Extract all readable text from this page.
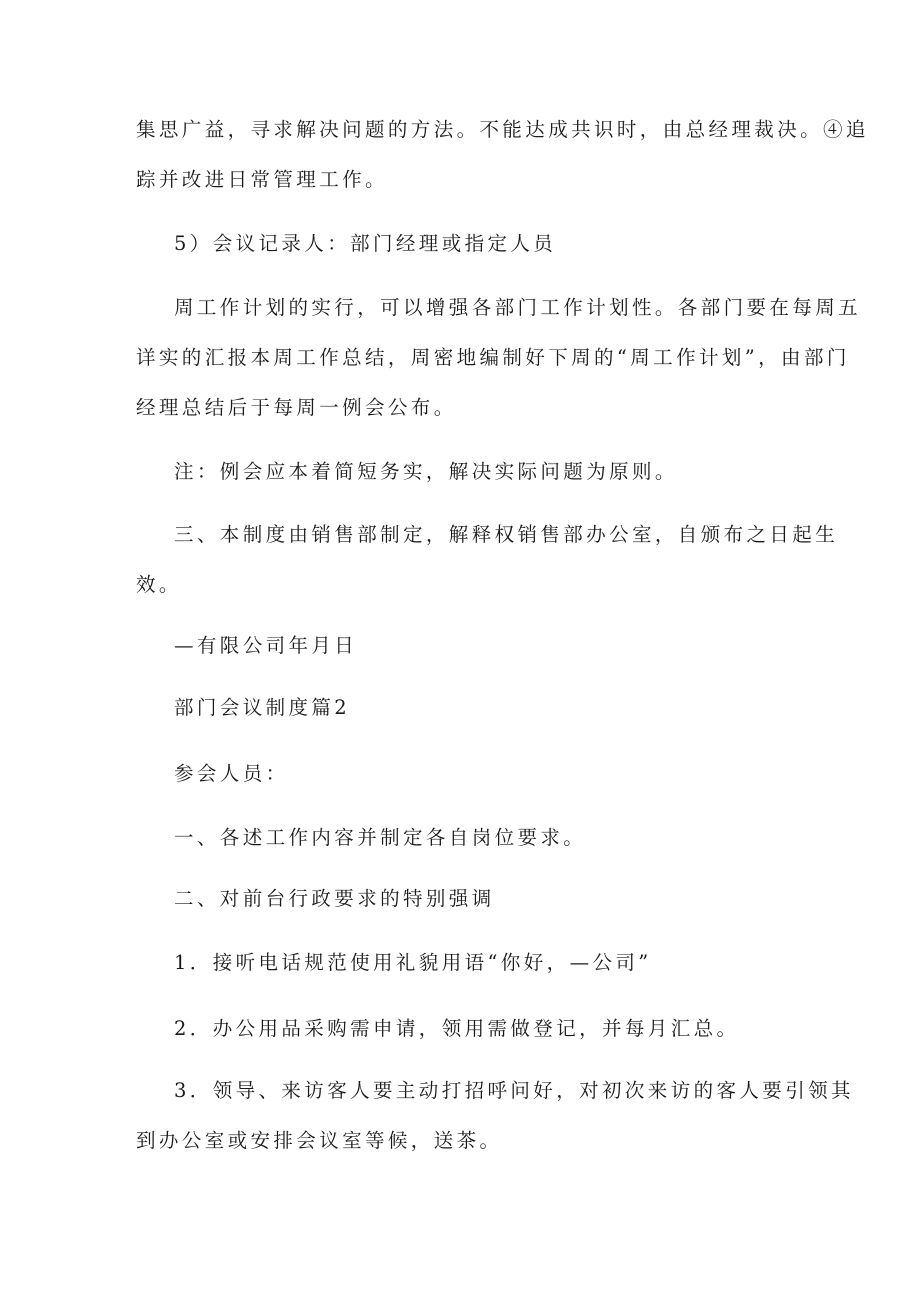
集思广益，寻求解决问题的方法。不能达成共识时，由总经理裁决。④追
踪并改进日常管理工作。
5）会议记录人：部门经理或指定人员
周工作计划的实行，可以增强各部门工作计划性。各部门要在每周五
详实的汇报本周工作总结，周密地编制好下周的“周工作计划”，由部门
经理总结后于每周一例会公布。
注：例会应本着简短务实，解决实际问题为原则。
三、本制度由销售部制定，解释权销售部办公室，自颁布之日起生
效。
—有限公司年月日
部门会议制度篇2
参会人员：
一、各述工作内容并制定各自岗位要求。
二、对前台行政要求的特别强调
1．接听电话规范使用礼貌用语“你好，—公司”
2．办公用品采购需申请，领用需做登记，并每月汇总。
3．领导、来访客人要主动打招呼问好，对初次来访的客人要引领其
到办公室或安排会议室等候，送茶。
